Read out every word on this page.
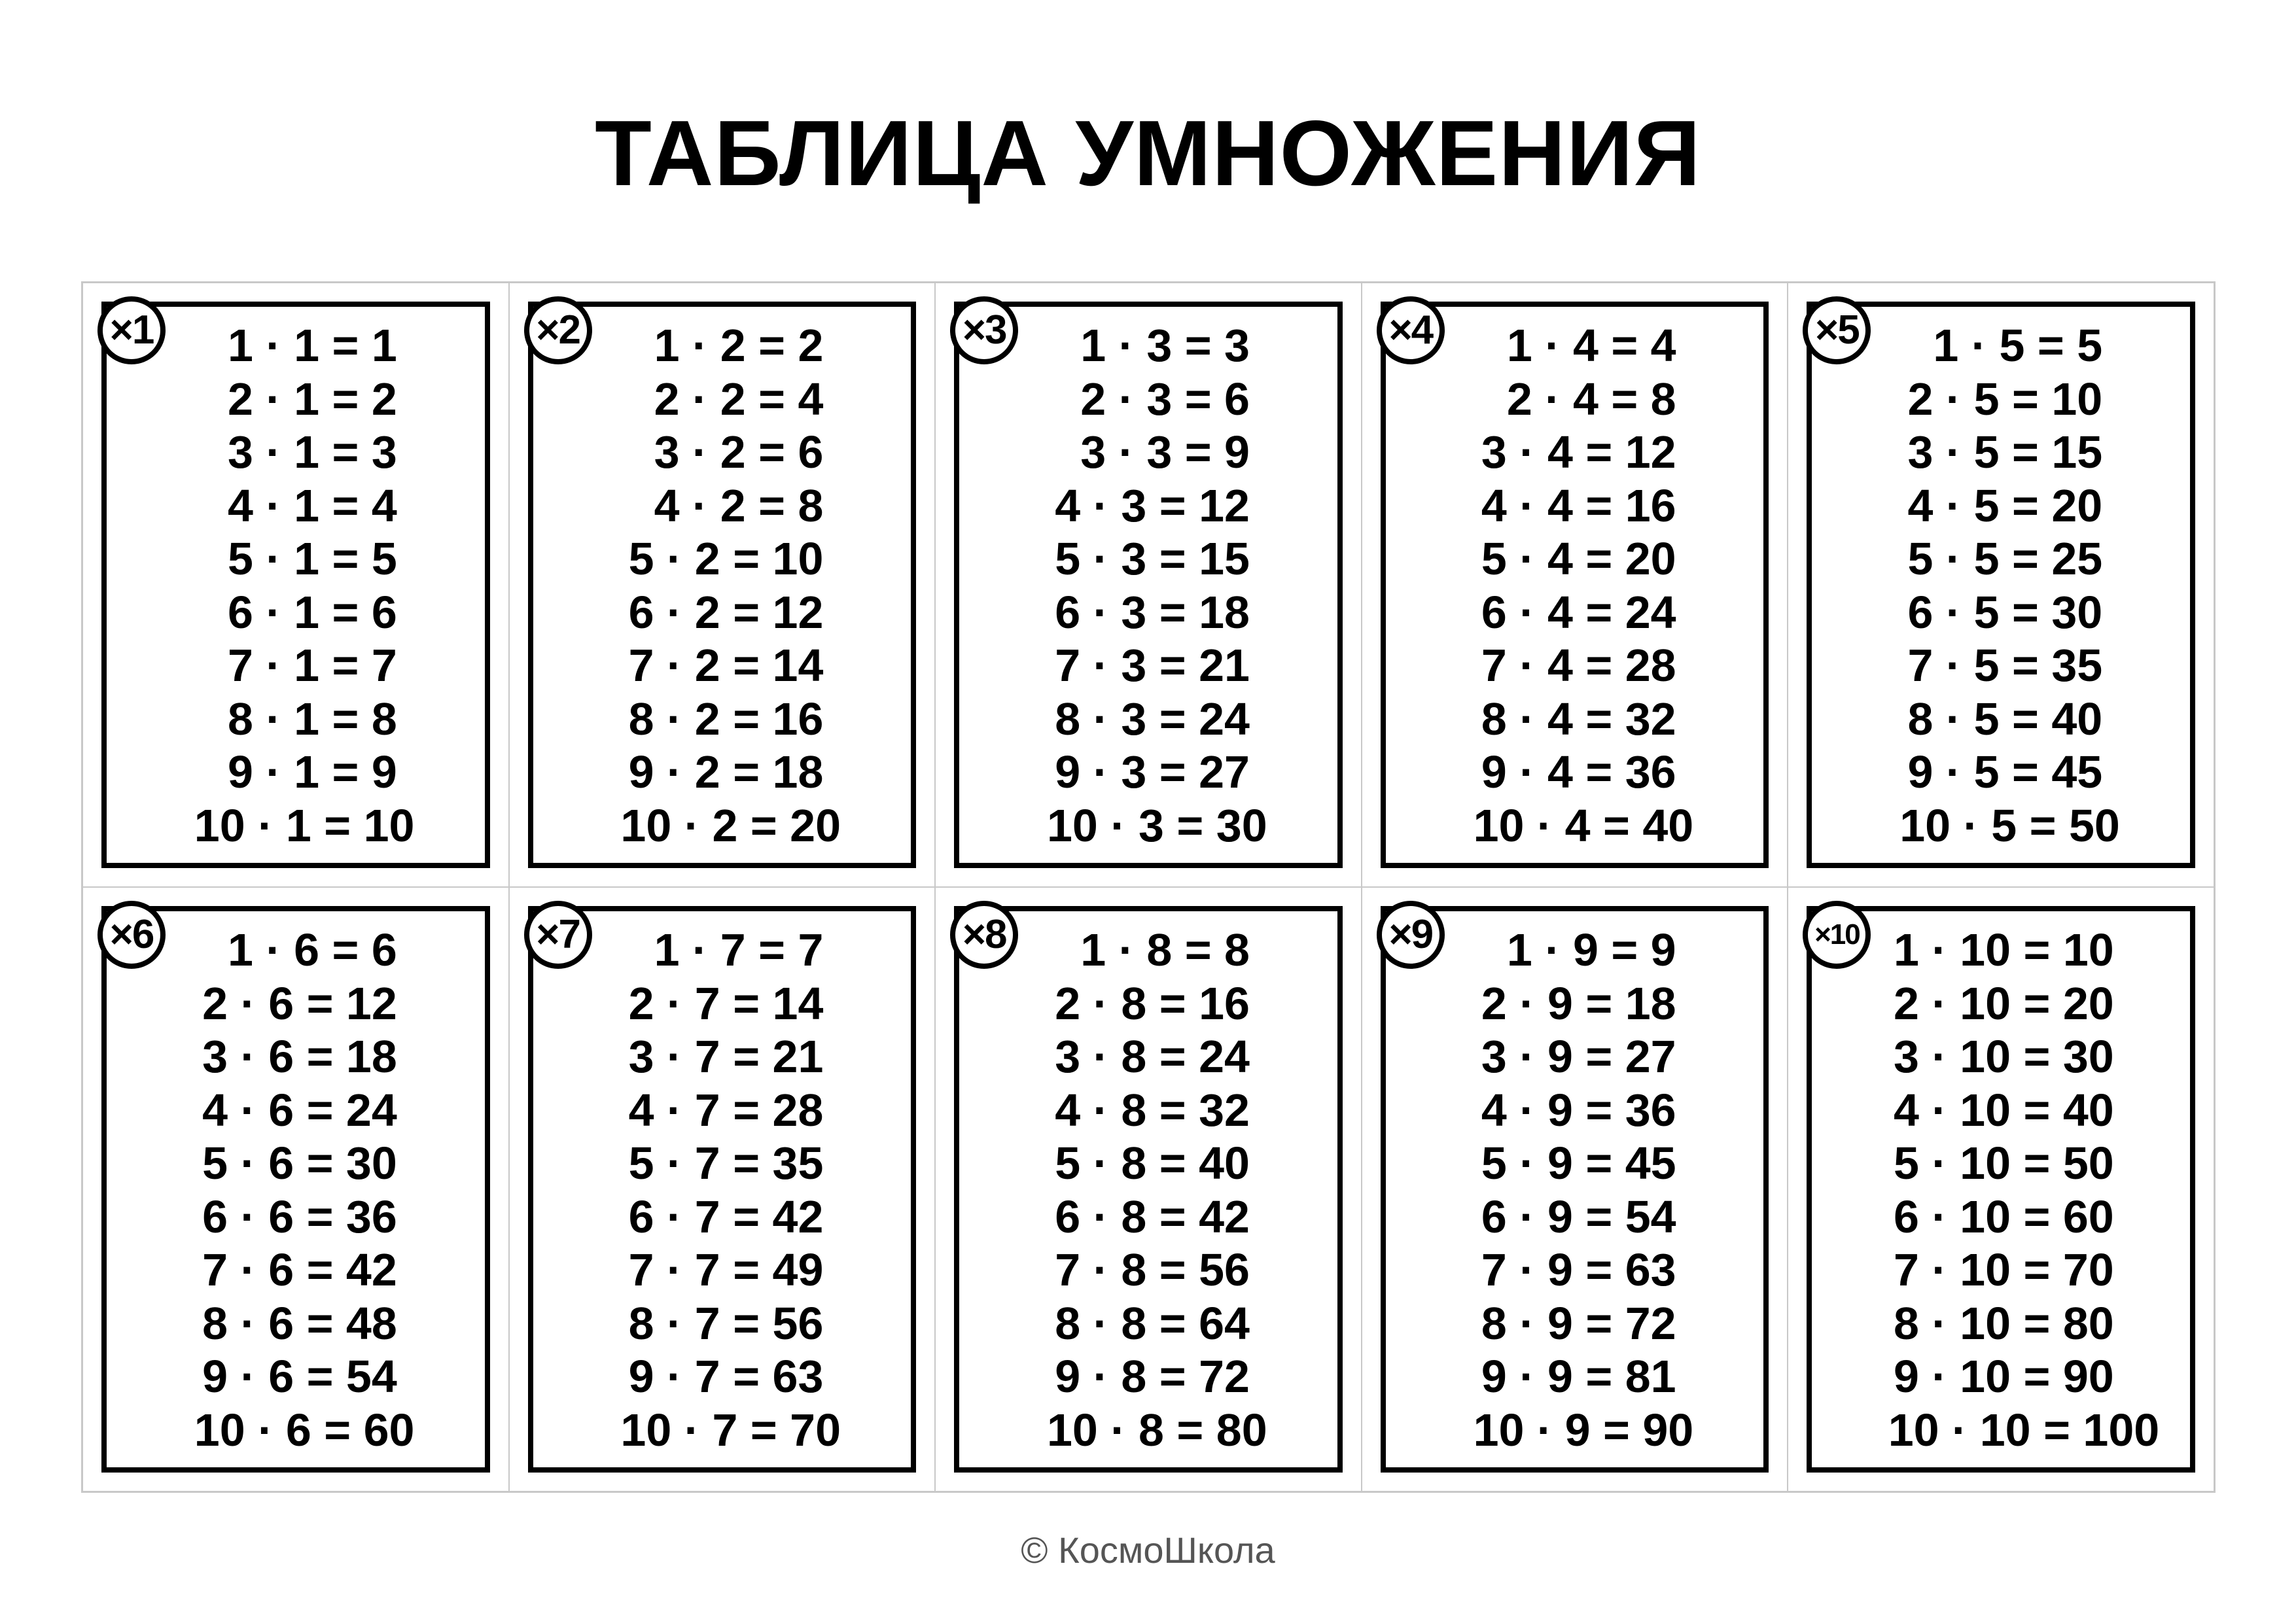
ТАБЛИЦА УМНОЖЕНИЯ
×1	1 · 1 = 1
2 · 1 = 2
3 · 1 = 3
4 · 1 = 4
5 · 1 = 5
6 · 1 = 6
7 · 1 = 7
8 · 1 = 8
9 · 1 = 9
10 · 1 = 10
×2	1 · 2 = 2
2 · 2 = 4
3 · 2 = 6
4 · 2 = 8
5 · 2 = 10
6 · 2 = 12
7 · 2 = 14
8 · 2 = 16
9 · 2 = 18
10 · 2 = 20
×3	1 · 3 = 3
2 · 3 = 6
3 · 3 = 9
4 · 3 = 12
5 · 3 = 15
6 · 3 = 18
7 · 3 = 21
8 · 3 = 24
9 · 3 = 27
10 · 3 = 30
×4	1 · 4 = 4
2 · 4 = 8
3 · 4 = 12
4 · 4 = 16
5 · 4 = 20
6 · 4 = 24
7 · 4 = 28
8 · 4 = 32
9 · 4 = 36
10 · 4 = 40
×5	1 · 5 = 5
2 · 5 = 10
3 · 5 = 15
4 · 5 = 20
5 · 5 = 25
6 · 5 = 30
7 · 5 = 35
8 · 5 = 40
9 · 5 = 45
10 · 5 = 50
×6	1 · 6 = 6
2 · 6 = 12
3 · 6 = 18
4 · 6 = 24
5 · 6 = 30
6 · 6 = 36
7 · 6 = 42
8 · 6 = 48
9 · 6 = 54
10 · 6 = 60
×7	1 · 7 = 7
2 · 7 = 14
3 · 7 = 21
4 · 7 = 28
5 · 7 = 35
6 · 7 = 42
7 · 7 = 49
8 · 7 = 56
9 · 7 = 63
10 · 7 = 70
×8	1 · 8 = 8
2 · 8 = 16
3 · 8 = 24
4 · 8 = 32
5 · 8 = 40
6 · 8 = 42
7 · 8 = 56
8 · 8 = 64
9 · 8 = 72
10 · 8 = 80
×9	1 · 9 = 9
2 · 9 = 18
3 · 9 = 27
4 · 9 = 36
5 · 9 = 45
6 · 9 = 54
7 · 9 = 63
8 · 9 = 72
9 · 9 = 81
10 · 9 = 90
×10 1 · 10 = 10
2 · 10 = 20
3 · 10 = 30
4 · 10 = 40
5 · 10 = 50
6 · 10 = 60
7 · 10 = 70
8 · 10 = 80
9 · 10 = 90
10 · 10 = 100
© КосмоШкола
